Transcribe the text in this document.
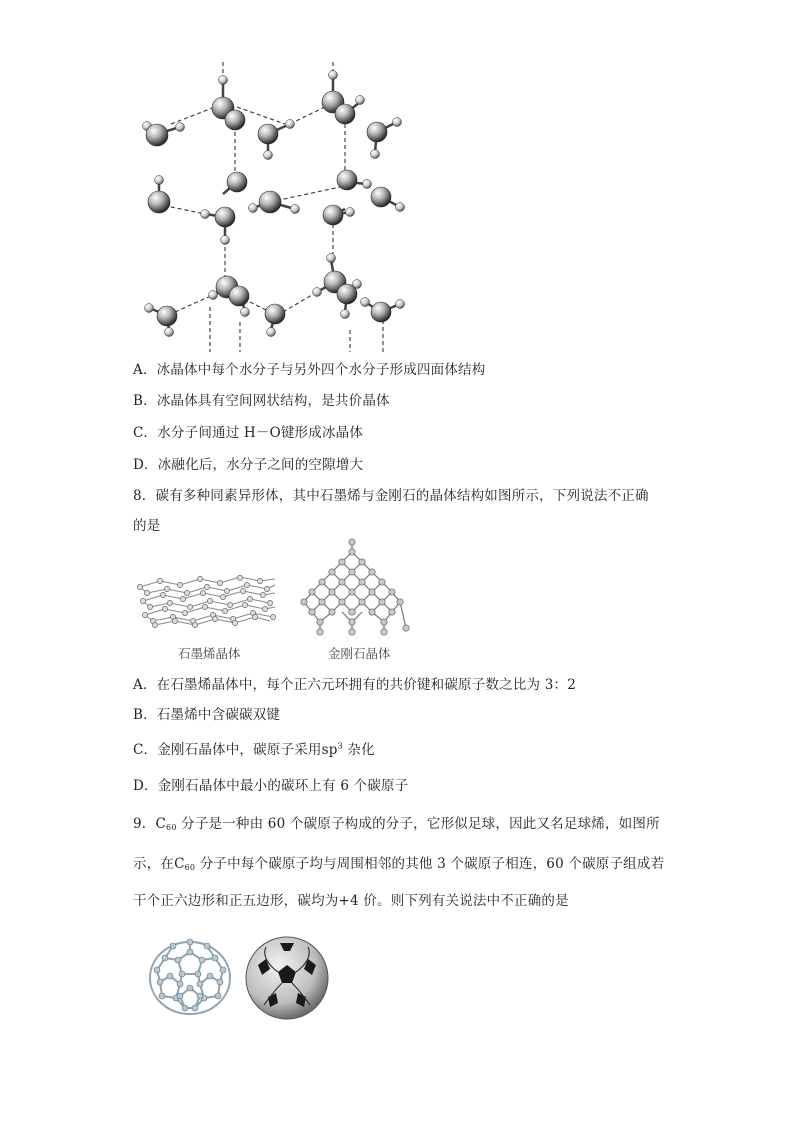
A．冰晶体中每个水分子与另外四个水分子形成四面体结构
B．冰晶体具有空间网状结构，是共价晶体
C．水分子间通过 H－O键形成冰晶体
D．冰融化后，水分子之间的空隙增大
8．碳有多种同素异形体，其中石墨烯与金刚石的晶体结构如图所示，下列说法不正确
的是
石墨烯晶体	金刚石晶体
A．在石墨烯晶体中，每个正六元环拥有的共价键和碳原子数之比为 3：2
B．石墨烯中含碳碳双键
C．金刚石晶体中，碳原子采用$sp^3$ 杂化
D．金刚石晶体中最小的碳环上有 6 个碳原子
9．$C_{60}$ 分子是一种由 60 个碳原子构成的分子，它形似足球，因此又名足球烯，如图所
示，在$C_{60}$ 分子中每个碳原子均与周围相邻的其他 3 个碳原子相连，60 个碳原子组成若
干个正六边形和正五边形，碳均为+4 价。则下列有关说法中不正确的是
